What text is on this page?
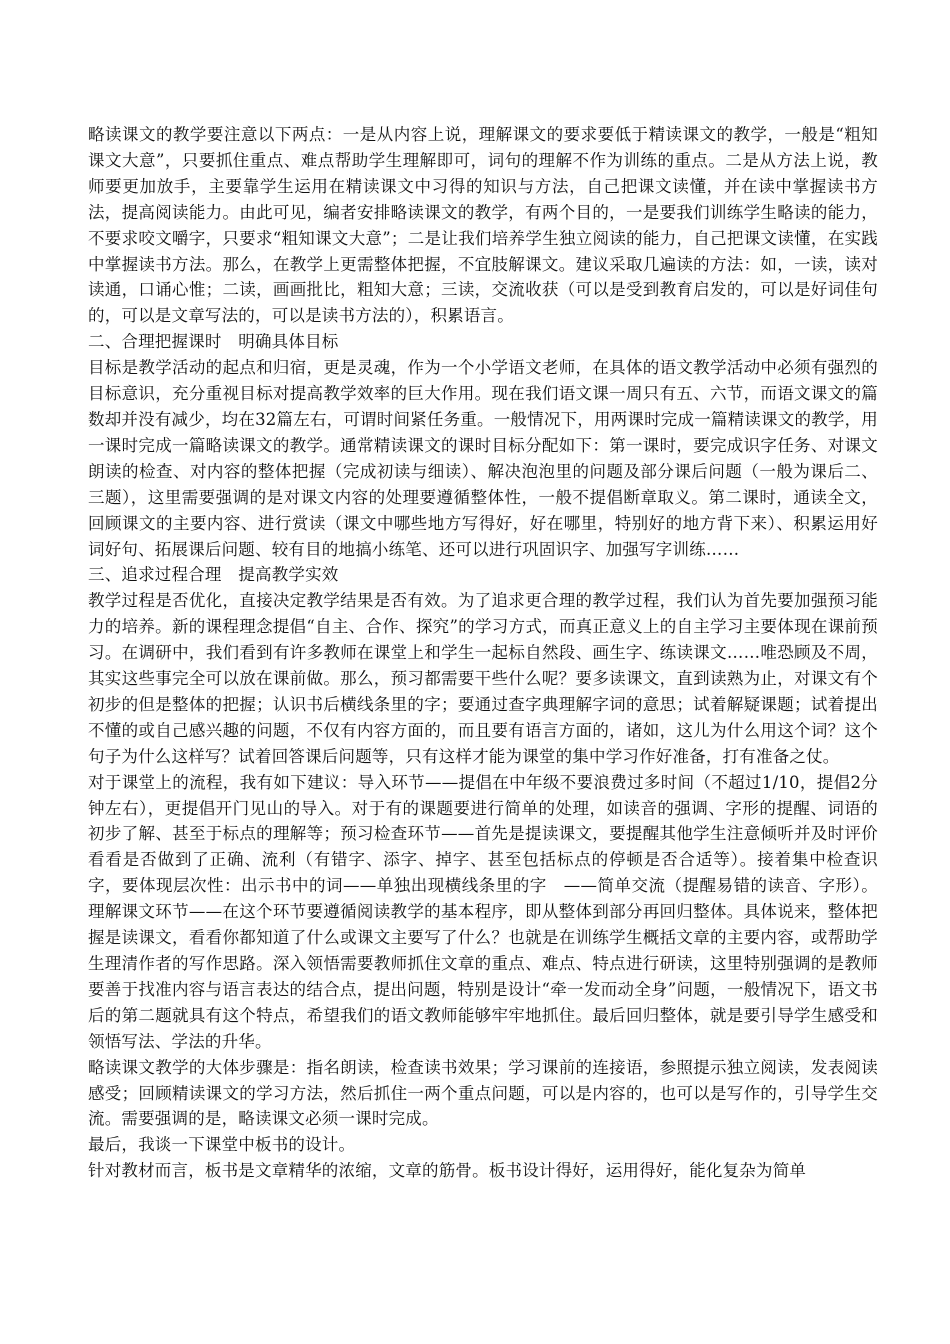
略读课文的教学要注意以下两点：一是从内容上说，理解课文的要求要低于精读课文的教学，一般是“粗知课文大意”，只要抓住重点、难点帮助学生理解即可，词句的理解不作为训练的重点。二是从方法上说，教师要更加放手，主要靠学生运用在精读课文中习得的知识与方法，自己把课文读懂，并在读中掌握读书方法，提高阅读能力。由此可见，编者安排略读课文的教学，有两个目的，一是要我们训练学生略读的能力，不要求咬文嚼字，只要求“粗知课文大意”；二是让我们培养学生独立阅读的能力，自己把课文读懂，在实践中掌握读书方法。那么，在教学上更需整体把握，不宜肢解课文。建议采取几遍读的方法：如，一读，读对读通，口诵心惟；二读，画画批比，粗知大意；三读，交流收获（可以是受到教育启发的，可以是好词佳句的，可以是文章写法的，可以是读书方法的），积累语言。

二、合理把握课时　明确具体目标

目标是教学活动的起点和归宿，更是灵魂，作为一个小学语文老师，在具体的语文教学活动中必须有强烈的目标意识，充分重视目标对提高教学效率的巨大作用。现在我们语文课一周只有五、六节，而语文课文的篇数却并没有减少，均在32篇左右，可谓时间紧任务重。一般情况下，用两课时完成一篇精读课文的教学，用一课时完成一篇略读课文的教学。通常精读课文的课时目标分配如下：第一课时，要完成识字任务、对课文朗读的检查、对内容的整体把握（完成初读与细读）、解决泡泡里的问题及部分课后问题（一般为课后二、三题），这里需要强调的是对课文内容的处理要遵循整体性，一般不提倡断章取义。第二课时，通读全文，回顾课文的主要内容、进行赏读（课文中哪些地方写得好，好在哪里，特别好的地方背下来）、积累运用好词好句、拓展课后问题、较有目的地搞小练笔、还可以进行巩固识字、加强写字训练……

三、追求过程合理　提高教学实效

教学过程是否优化，直接决定教学结果是否有效。为了追求更合理的教学过程，我们认为首先要加强预习能力的培养。新的课程理念提倡“自主、合作、探究”的学习方式，而真正意义上的自主学习主要体现在课前预习。在调研中，我们看到有许多教师在课堂上和学生一起标自然段、画生字、练读课文……唯恐顾及不周，其实这些事完全可以放在课前做。那么，预习都需要干些什么呢？要多读课文，直到读熟为止，对课文有个初步的但是整体的把握；认识书后横线条里的字；要通过查字典理解字词的意思；试着解疑课题；试着提出不懂的或自己感兴趣的问题，不仅有内容方面的，而且要有语言方面的，诸如，这儿为什么用这个词？这个句子为什么这样写？试着回答课后问题等，只有这样才能为课堂的集中学习作好准备，打有准备之仗。

对于课堂上的流程，我有如下建议：导入环节——提倡在中年级不要浪费过多时间（不超过1/10，提倡2分钟左右），更提倡开门见山的导入。对于有的课题要进行简单的处理，如读音的强调、字形的提醒、词语的初步了解、甚至于标点的理解等；预习检查环节——首先是提读课文，要提醒其他学生注意倾听并及时评价看看是否做到了正确、流利（有错字、添字、掉字、甚至包括标点的停顿是否合适等）。接着集中检查识字，要体现层次性：出示书中的词——单独出现横线条里的字　——简单交流（提醒易错的读音、字形）。理解课文环节——在这个环节要遵循阅读教学的基本程序，即从整体到部分再回归整体。具体说来，整体把握是读课文，看看你都知道了什么或课文主要写了什么？也就是在训练学生概括文章的主要内容，或帮助学生理清作者的写作思路。深入领悟需要教师抓住文章的重点、难点、特点进行研读，这里特别强调的是教师要善于找准内容与语言表达的结合点，提出问题，特别是设计“牵一发而动全身”问题，一般情况下，语文书后的第二题就具有这个特点，希望我们的语文教师能够牢牢地抓住。最后回归整体，就是要引导学生感受和领悟写法、学法的升华。

略读课文教学的大体步骤是：指名朗读，检查读书效果；学习课前的连接语，参照提示独立阅读，发表阅读感受；回顾精读课文的学习方法，然后抓住一两个重点问题，可以是内容的，也可以是写作的，引导学生交流。需要强调的是，略读课文必须一课时完成。

最后，我谈一下课堂中板书的设计。

针对教材而言，板书是文章精华的浓缩，文章的筋骨。板书设计得好，运用得好，能化复杂为简单
